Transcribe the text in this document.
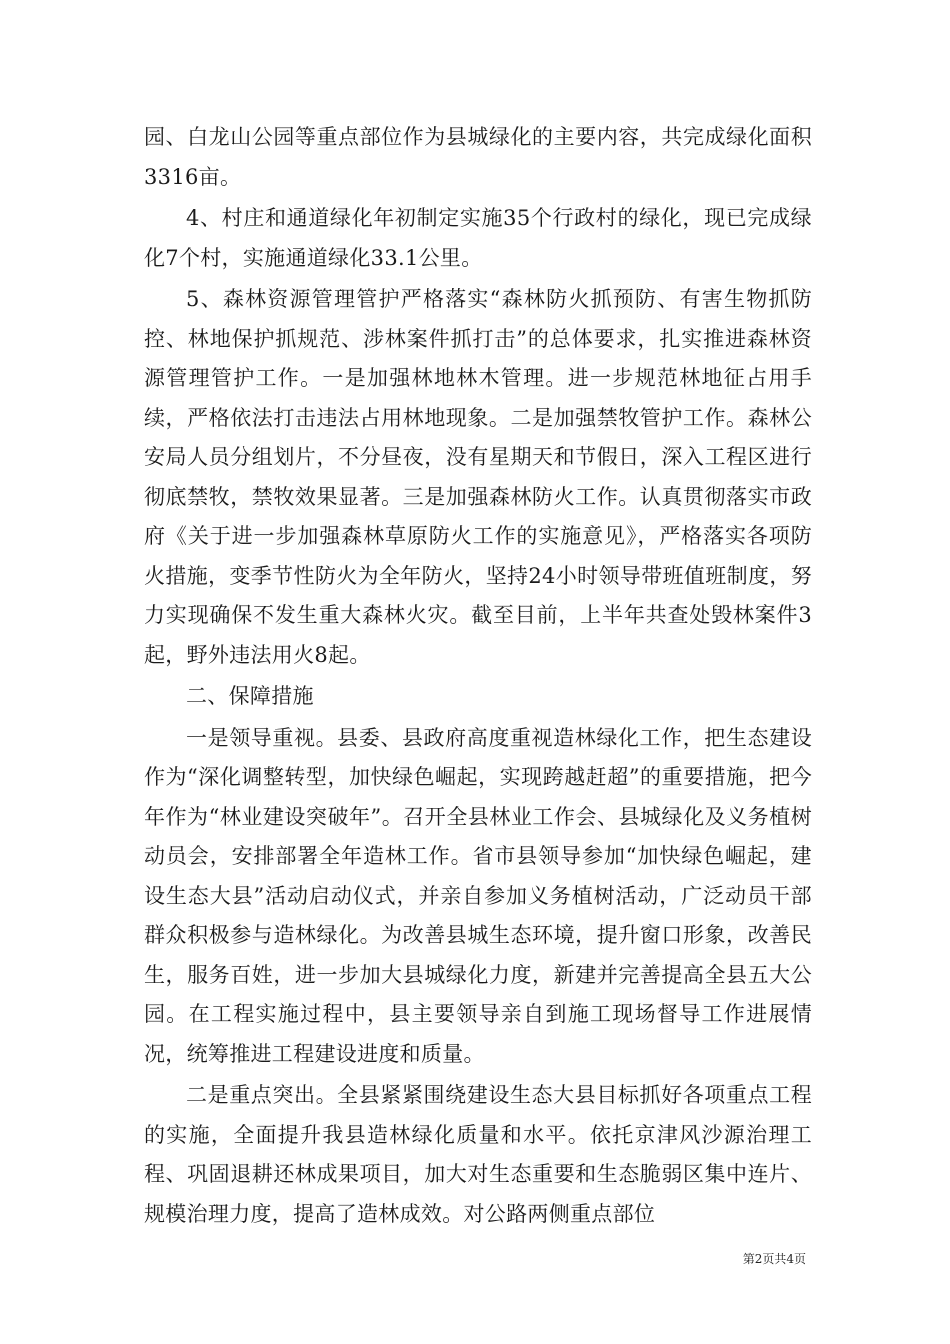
园、白龙山公园等重点部位作为县城绿化的主要内容，共完成绿化面积3316亩。

4、村庄和通道绿化年初制定实施35个行政村的绿化，现已完成绿化7个村，实施通道绿化33.1公里。

5、森林资源管理管护严格落实“森林防火抓预防、有害生物抓防控、林地保护抓规范、涉林案件抓打击”的总体要求，扎实推进森林资源管理管护工作。一是加强林地林木管理。进一步规范林地征占用手续，严格依法打击违法占用林地现象。二是加强禁牧管护工作。森林公安局人员分组划片，不分昼夜，没有星期天和节假日，深入工程区进行彻底禁牧，禁牧效果显著。三是加强森林防火工作。认真贯彻落实市政府《关于进一步加强森林草原防火工作的实施意见》，严格落实各项防火措施，变季节性防火为全年防火，坚持24小时领导带班值班制度，努力实现确保不发生重大森林火灾。截至目前，上半年共查处毁林案件3起，野外违法用火8起。

二、保障措施

一是领导重视。县委、县政府高度重视造林绿化工作，把生态建设作为“深化调整转型，加快绿色崛起，实现跨越赶超”的重要措施，把今年作为“林业建设突破年”。召开全县林业工作会、县城绿化及义务植树动员会，安排部署全年造林工作。省市县领导参加“加快绿色崛起，建设生态大县”活动启动仪式，并亲自参加义务植树活动，广泛动员干部群众积极参与造林绿化。为改善县城生态环境，提升窗口形象，改善民生，服务百姓，进一步加大县城绿化力度，新建并完善提高全县五大公园。在工程实施过程中，县主要领导亲自到施工现场督导工作进展情况，统筹推进工程建设进度和质量。

二是重点突出。全县紧紧围绕建设生态大县目标抓好各项重点工程的实施，全面提升我县造林绿化质量和水平。依托京津风沙源治理工程、巩固退耕还林成果项目，加大对生态重要和生态脆弱区集中连片、规模治理力度，提高了造林成效。对公路两侧重点部位

第2页共4页
